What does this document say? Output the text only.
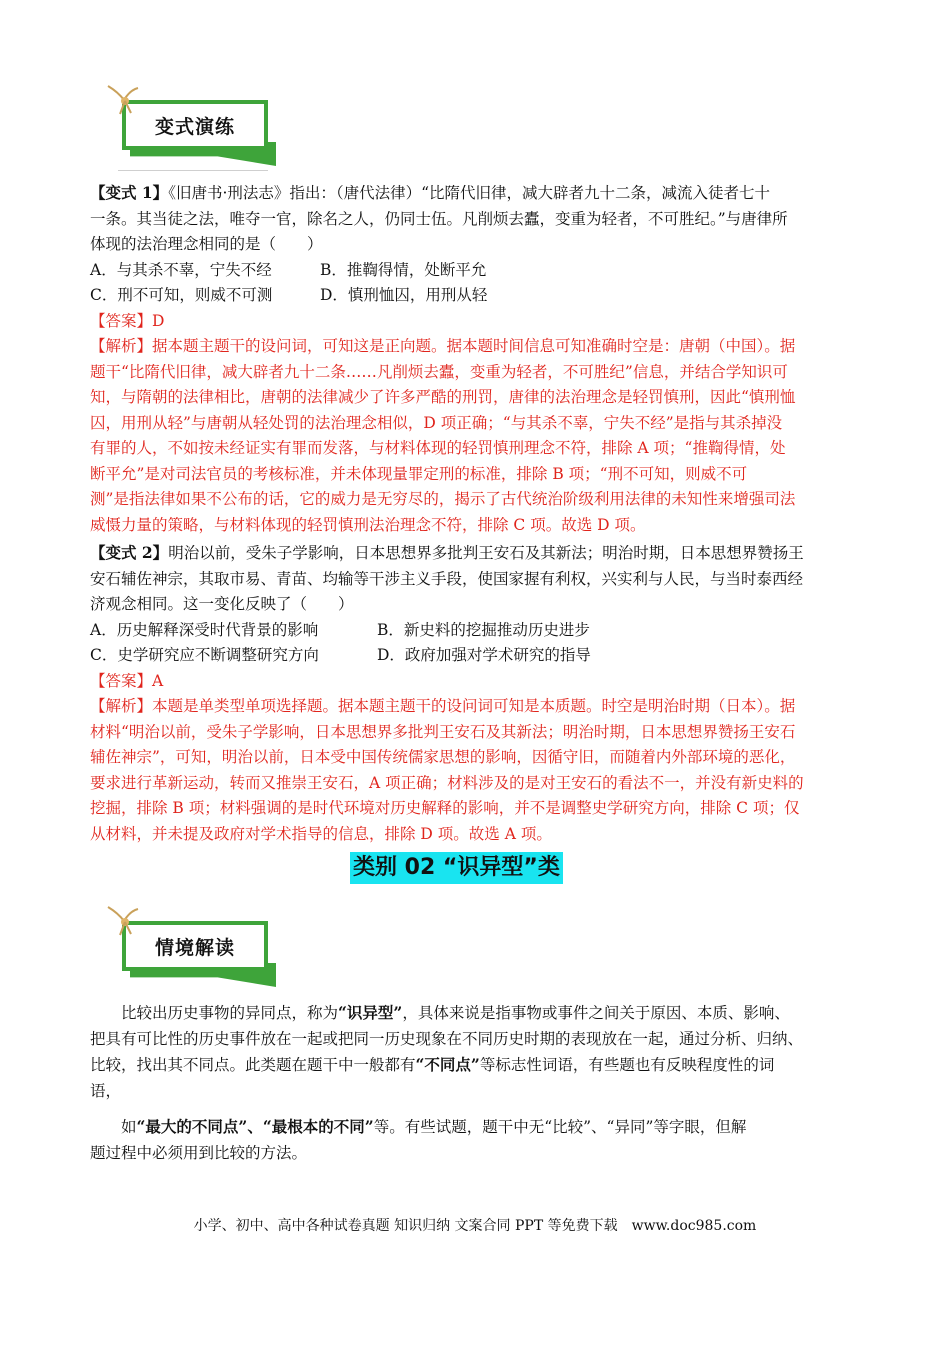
变式演练
【变式 1】《旧唐书·刑法志》指出：（唐代法律）“比隋代旧律，减大辟者九十二条，减流入徒者七十
一条。其当徒之法，唯夺一官，除名之人，仍同士伍。凡削烦去蠹，变重为轻者，不可胜纪。”与唐律所
体现的法治理念相同的是（　　）
A．与其杀不辜，宁失不经	B．推鞫得情，处断平允
C．刑不可知，则威不可测	D．慎刑恤囚，用刑从轻
【答案】D
【解析】据本题主题干的设问词，可知这是正向题。据本题时间信息可知准确时空是：唐朝（中国）。据
题干“比隋代旧律，减大辟者九十二条……凡削烦去蠹，变重为轻者，不可胜纪”信息，并结合学知识可
知，与隋朝的法律相比，唐朝的法律减少了许多严酷的刑罚，唐律的法治理念是轻罚慎刑，因此“慎刑恤
囚，用刑从轻”与唐朝从轻处罚的法治理念相似，D 项正确；“与其杀不辜，宁失不经”是指与其杀掉没
有罪的人，不如按未经证实有罪而发落，与材料体现的轻罚慎刑理念不符，排除 A 项；“推鞫得情，处
断平允”是对司法官员的考核标准，并未体现量罪定刑的标准，排除 B 项；“刑不可知，则威不可
测”是指法律如果不公布的话，它的威力是无穷尽的，揭示了古代统治阶级利用法律的未知性来增强司法
威慑力量的策略，与材料体现的轻罚慎刑法治理念不符，排除 C 项。故选 D 项。
【变式 2】明治以前，受朱子学影响，日本思想界多批判王安石及其新法；明治时期，日本思想界赞扬王
安石辅佐神宗，其取市易、青苗、均输等干涉主义手段，使国家握有利权，兴实利与人民，与当时泰西经
济观念相同。这一变化反映了（　　）
A．历史解释深受时代背景的影响	B．新史料的挖掘推动历史进步
C．史学研究应不断调整研究方向	D．政府加强对学术研究的指导
【答案】A
【解析】本题是单类型单项选择题。据本题主题干的设问词可知是本质题。时空是明治时期（日本）。据
材料“明治以前，受朱子学影响，日本思想界多批判王安石及其新法；明治时期，日本思想界赞扬王安石
辅佐神宗”，可知，明治以前，日本受中国传统儒家思想的影响，因循守旧，而随着内外部环境的恶化，
要求进行革新运动，转而又推崇王安石，A 项正确；材料涉及的是对王安石的看法不一，并没有新史料的
挖掘，排除 B 项；材料强调的是时代环境对历史解释的影响，并不是调整史学研究方向，排除 C 项；仅
从材料，并未提及政府对学术指导的信息，排除 D 项。故选 A 项。
类别 02 “识异型”类
情境解读
比较出历史事物的异同点，称为“识异型”，具体来说是指事物或事件之间关于原因、本质、影响、
把具有可比性的历史事件放在一起或把同一历史现象在不同历史时期的表现放在一起，通过分析、归纳、
比较，找出其不同点。此类题在题干中一般都有“不同点”等标志性词语，有些题也有反映程度性的词
语，
如“最大的不同点”、“最根本的不同”等。有些试题，题干中无“比较”、“异同”等字眼，但解
题过程中必须用到比较的方法。
小学、初中、高中各种试卷真题 知识归纳 文案合同 PPT 等免费下载　www.doc985.com
